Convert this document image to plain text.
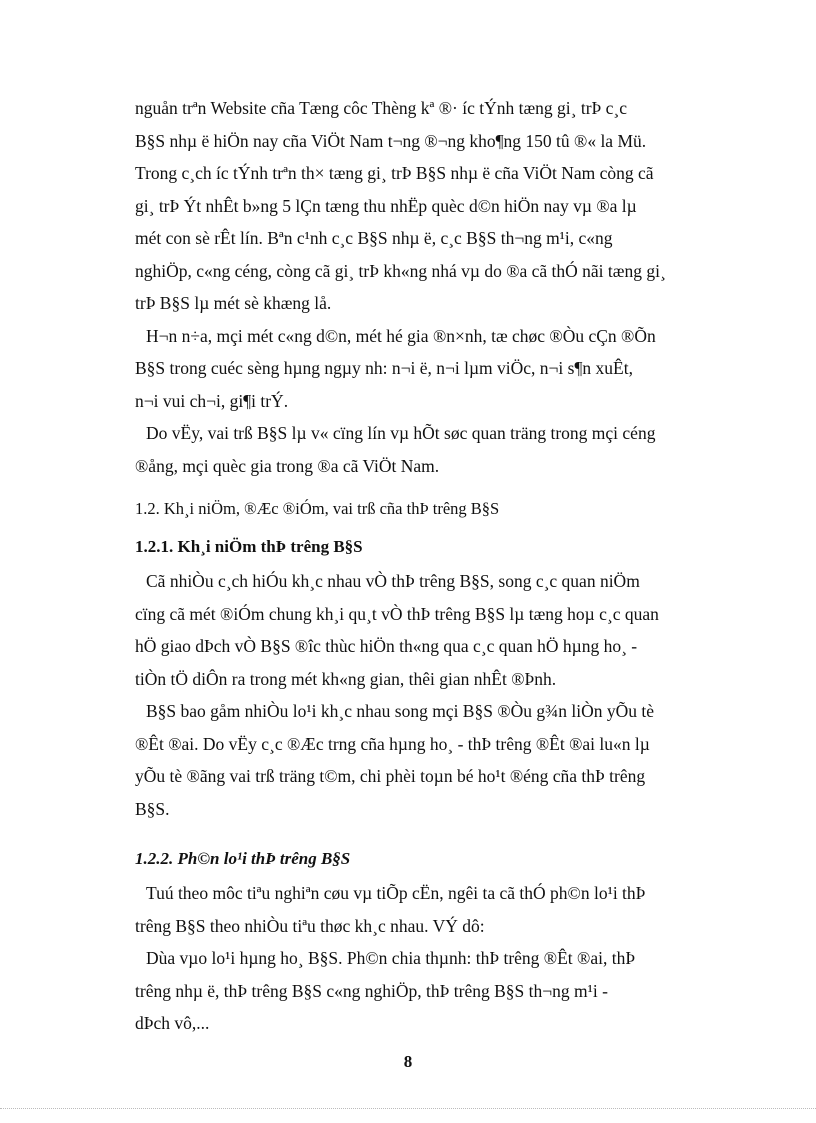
nguån trªn Website cña Tæng côc Thèng kª ®· íc tÝnh tæng gi¸ trÞ c¸c
B§S nhµ ë hiÖn nay cña ViÖt Nam t¬ng ®¬ng kho¶ng 150 tû ®« la Mü.
Trong c¸ch íc tÝnh trªn th× tæng gi¸ trÞ B§S nhµ ë cña ViÖt Nam còng cã
gi¸ trÞ Ýt nhÊt b»ng 5 lÇn tæng thu nhËp quèc d©n hiÖn nay vµ ®a lµ
mét con sè rÊt lín. Bªn c¹nh c¸c B§S nhµ ë, c¸c B§S th¬ng m¹i, c«ng
nghiÖp, c«ng céng, còng cã gi¸ trÞ kh«ng nhá vµ do ®a cã thÓ nãi tæng gi¸
trÞ B§S lµ mét sè khæng lå.

H¬n n÷a, mçi mét c«ng d©n, mét hé gia ®n×nh, tæ chøc ®Òu cÇn ®Õn
B§S trong cuéc sèng hµng ngµy nh: n¬i ë, n¬i lµm viÖc, n¬i s¶n xuÊt,
n¬i vui ch¬i, gi¶i trÝ.

Do vËy, vai trß B§S lµ v« cïng lín vµ hÕt søc quan träng trong mçi céng
®ång, mçi quèc gia trong ®a cã ViÖt Nam.

1.2. Kh¸i niÖm, ®Æc ®iÓm, vai trß cña thÞ trêng B§S
1.2.1. Kh¸i niÖm thÞ trêng B§S

Cã nhiÒu c¸ch hiÓu kh¸c nhau vÒ thÞ trêng B§S, song c¸c quan niÖm
cïng cã mét ®iÓm chung kh¸i qu¸t vÒ thÞ trêng B§S lµ tæng hoµ c¸c quan
hÖ giao dÞch vÒ B§S ®îc thùc hiÖn th«ng qua c¸c quan hÖ hµng ho¸ -
tiÒn tÖ diÔn ra trong mét kh«ng gian, thêi gian nhÊt ®Þnh.

B§S bao gåm nhiÒu lo¹i kh¸c nhau song mçi B§S ®Òu g¾n liÒn yÕu tè
®Êt ®ai. Do vËy c¸c ®Æc trng cña hµng ho¸ - thÞ trêng ®Êt ®ai lu«n lµ
yÕu tè ®ãng vai trß träng t©m, chi phèi toµn bé ho¹t ®éng cña thÞ trêng
B§S.

1.2.2. Ph©n lo¹i thÞ trêng B§S

Tuú theo môc tiªu nghiªn cøu vµ tiÕp cËn, ngêi ta cã thÓ ph©n lo¹i thÞ
trêng B§S theo nhiÒu tiªu thøc kh¸c nhau. VÝ dô:

Dùa vµo lo¹i hµng ho¸ B§S. Ph©n chia thµnh: thÞ trêng ®Êt ®ai, thÞ
trêng nhµ ë, thÞ trêng B§S c«ng nghiÖp, thÞ trêng B§S th¬ng m¹i -
dÞch vô,...

8
